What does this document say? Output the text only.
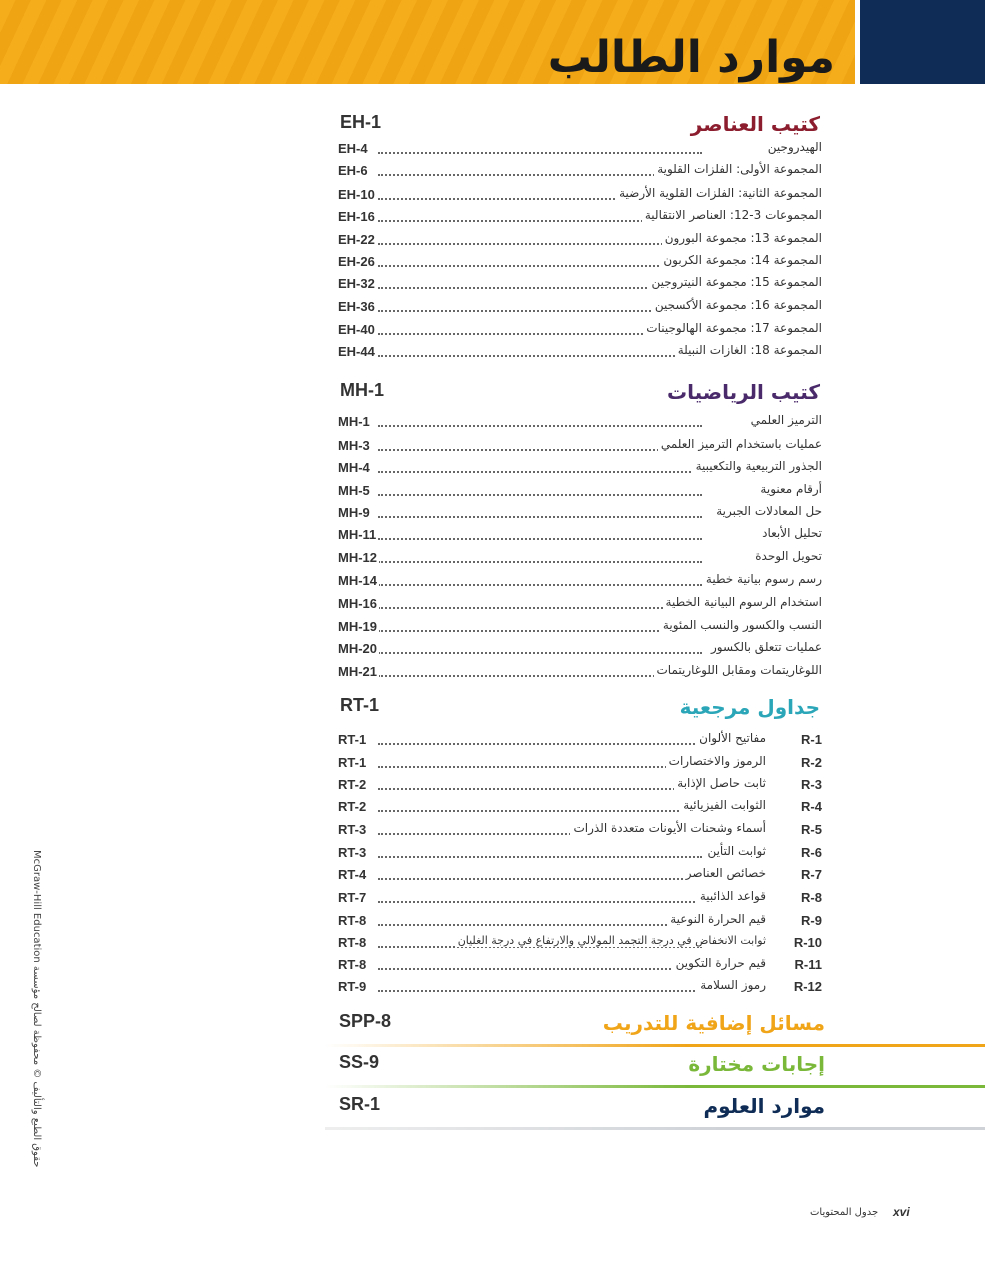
موارد الطالب
كتيب العناصر
EH-1
EH-4	الهيدروجين
EH-6	المجموعة الأولى: الفلزات القلوية
EH-10	المجموعة الثانية: الفلزات القلوية الأرضية
EH-16	المجموعات 3-12: العناصر الانتقالية
EH-22	المجموعة 13: مجموعة البورون
EH-26	المجموعة 14: مجموعة الكربون
EH-32	المجموعة 15: مجموعة النيتروجين
EH-36	المجموعة 16: مجموعة الأكسجين
EH-40	المجموعة 17: مجموعة الهالوجينات
EH-44	المجموعة 18: الغازات النبيلة
كتيب الرياضيات
MH-1
MH-1	الترميز العلمي
MH-3	عمليات باستخدام الترميز العلمي
MH-4	الجذور التربيعية والتكعيبية
MH-5	أرقام معنوية
MH-9	حل المعادلات الجبرية
MH-11	تحليل الأبعاد
MH-12	تحويل الوحدة
MH-14	رسم رسوم بيانية خطية
MH-16	استخدام الرسوم البيانية الخطية
MH-19	النسب والكسور والنسب المئوية
MH-20	عمليات تتعلق بالكسور
MH-21	اللوغاريتمات ومقابل اللوغاريتمات
جداول مرجعية
RT-1
RT-1	مفاتيح الألوان	R-1
RT-1	الرموز والاختصارات	R-2
RT-2	ثابت حاصل الإذابة	R-3
RT-2	الثوابت الفيزيائية	R-4
RT-3	أسماء وشحنات الأيونات متعددة الذرات	R-5
RT-3	ثوابت التأين	R-6
RT-4	خصائص العناصر	R-7
RT-7	قواعد الذائبية	R-8
RT-8	قيم الحرارة النوعية	R-9
RT-8	ثوابت الانخفاض في درجة التجمد المولالي والارتفاع في درجة الغليان R-10
RT-8	قيم حرارة التكوين R-11
RT-9	رموز السلامة R-12
مسائل إضافية للتدريب
SPP-8
إجابات مختارة
SS-9
موارد العلوم
SR-1
McGraw-Hill Education حقوق الطبع والتأليف © محفوظة لصالح مؤسسة
جدول المحتويات xvi
